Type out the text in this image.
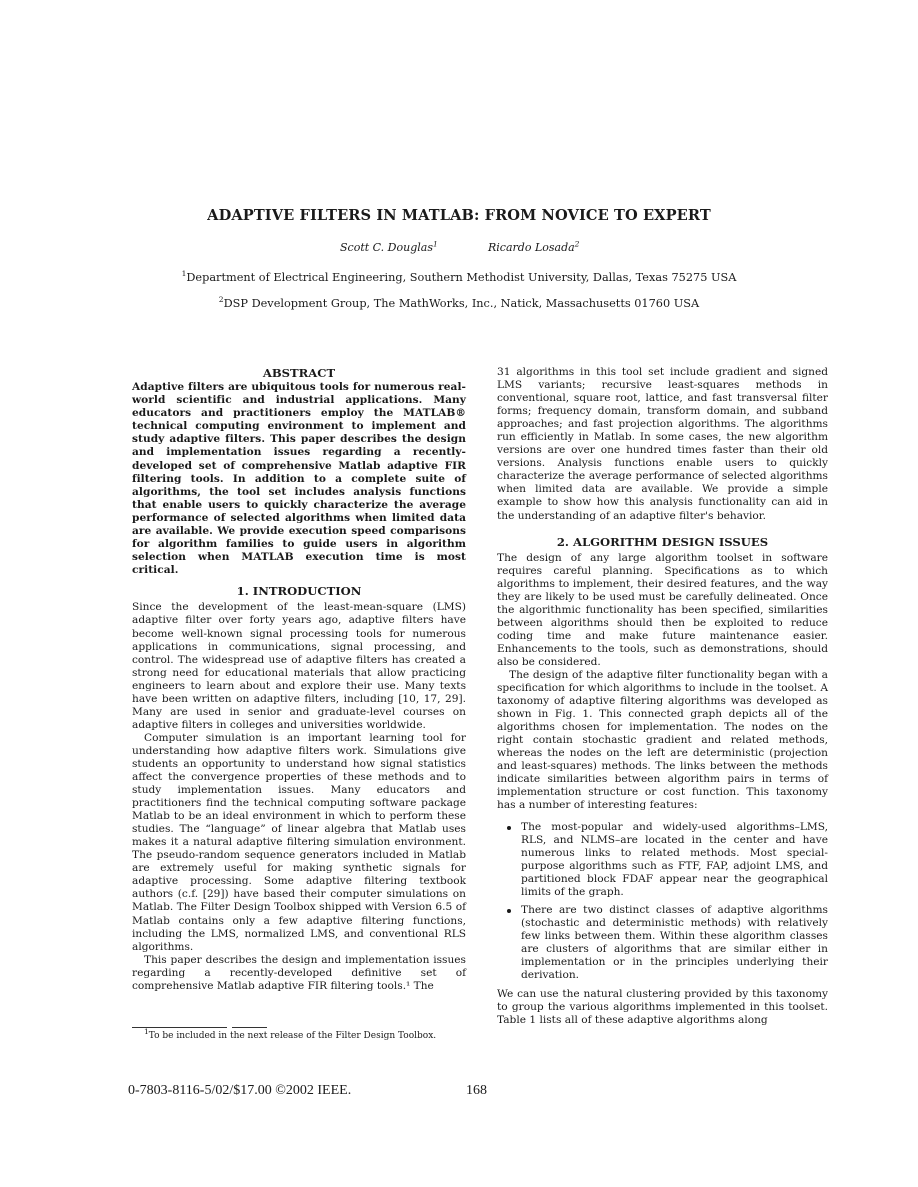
ADAPTIVE FILTERS IN MATLAB: FROM NOVICE TO EXPERT
Scott C. Douglas$^1$	Ricardo Losada$^2$
$^1$Department of Electrical Engineering, Southern Methodist University, Dallas, Texas 75275 USA
$^2$DSP Development Group, The MathWorks, Inc., Natick, Massachusetts 01760 USA
ABSTRACT

Adaptive filters are ubiquitous tools for numerous real-world scientific and industrial applications. Many educators and practitioners employ the MATLAB® technical computing environment to implement and study adaptive filters. This paper describes the design and implementation issues regarding a recently-developed set of comprehensive Matlab adaptive FIR filtering tools. In addition to a complete suite of algorithms, the tool set includes analysis functions that enable users to quickly characterize the average performance of selected algorithms when limited data are available. We provide execution speed comparisons for algorithm families to guide users in algorithm selection when MATLAB execution time is most critical.

1. INTRODUCTION

Since the development of the least-mean-square (LMS) adaptive filter over forty years ago, adaptive filters have become well-known signal processing tools for numerous applications in communications, signal processing, and control. The widespread use of adaptive filters has created a strong need for educational materials that allow practicing engineers to learn about and explore their use. Many texts have been written on adaptive filters, including [10, 17, 29]. Many are used in senior and graduate-level courses on adaptive filters in colleges and universities worldwide.

Computer simulation is an important learning tool for understanding how adaptive filters work. Simulations give students an opportunity to understand how signal statistics affect the convergence properties of these methods and to study implementation issues. Many educators and practitioners find the technical computing software package Matlab to be an ideal environment in which to perform these studies. The “language” of linear algebra that Matlab uses makes it a natural adaptive filtering simulation environment. The pseudo-random sequence generators included in Matlab are extremely useful for making synthetic signals for adaptive processing. Some adaptive filtering textbook authors (c.f. [29]) have based their computer simulations on Matlab. The Filter Design Toolbox shipped with Version 6.5 of Matlab contains only a few adaptive filtering functions, including the LMS, normalized LMS, and conventional RLS algorithms.

This paper describes the design and implementation issues regarding a recently-developed definitive set of comprehensive Matlab adaptive FIR filtering tools.¹ The

$^1$To be included in the next release of the Filter Design Toolbox.

31 algorithms in this tool set include gradient and signed LMS variants; recursive least-squares methods in conventional, square root, lattice, and fast transversal filter forms; frequency domain, transform domain, and subband approaches; and fast projection algorithms. The algorithms run efficiently in Matlab. In some cases, the new algorithm versions are over one hundred times faster than their old versions. Analysis functions enable users to quickly characterize the average performance of selected algorithms when limited data are available. We provide a simple example to show how this analysis functionality can aid in the understanding of an adaptive filter's behavior.

2. ALGORITHM DESIGN ISSUES

The design of any large algorithm toolset in software requires careful planning. Specifications as to which algorithms to implement, their desired features, and the way they are likely to be used must be carefully delineated. Once the algorithmic functionality has been specified, similarities between algorithms should then be exploited to reduce coding time and make future maintenance easier. Enhancements to the tools, such as demonstrations, should also be considered.

The design of the adaptive filter functionality began with a specification for which algorithms to include in the toolset. A taxonomy of adaptive filtering algorithms was developed as shown in Fig. 1. This connected graph depicts all of the algorithms chosen for implementation. The nodes on the right contain stochastic gradient and related methods, whereas the nodes on the left are deterministic (projection and least-squares) methods. The links between the methods indicate similarities between algorithm pairs in terms of implementation structure or cost function. This taxonomy has a number of interesting features:

The most-popular and widely-used algorithms–LMS, RLS, and NLMS–are located in the center and have numerous links to related methods. Most special-purpose algorithms such as FTF, FAP, adjoint LMS, and partitioned block FDAF appear near the geographical limits of the graph.
There are two distinct classes of adaptive algorithms (stochastic and deterministic methods) with relatively few links between them. Within these algorithm classes are clusters of algorithms that are similar either in implementation or in the principles underlying their derivation.

We can use the natural clustering provided by this taxonomy to group the various algorithms implemented in this toolset. Table 1 lists all of these adaptive algorithms along

0-7803-8116-5/02/$17.00 ©2002 IEEE.	168
